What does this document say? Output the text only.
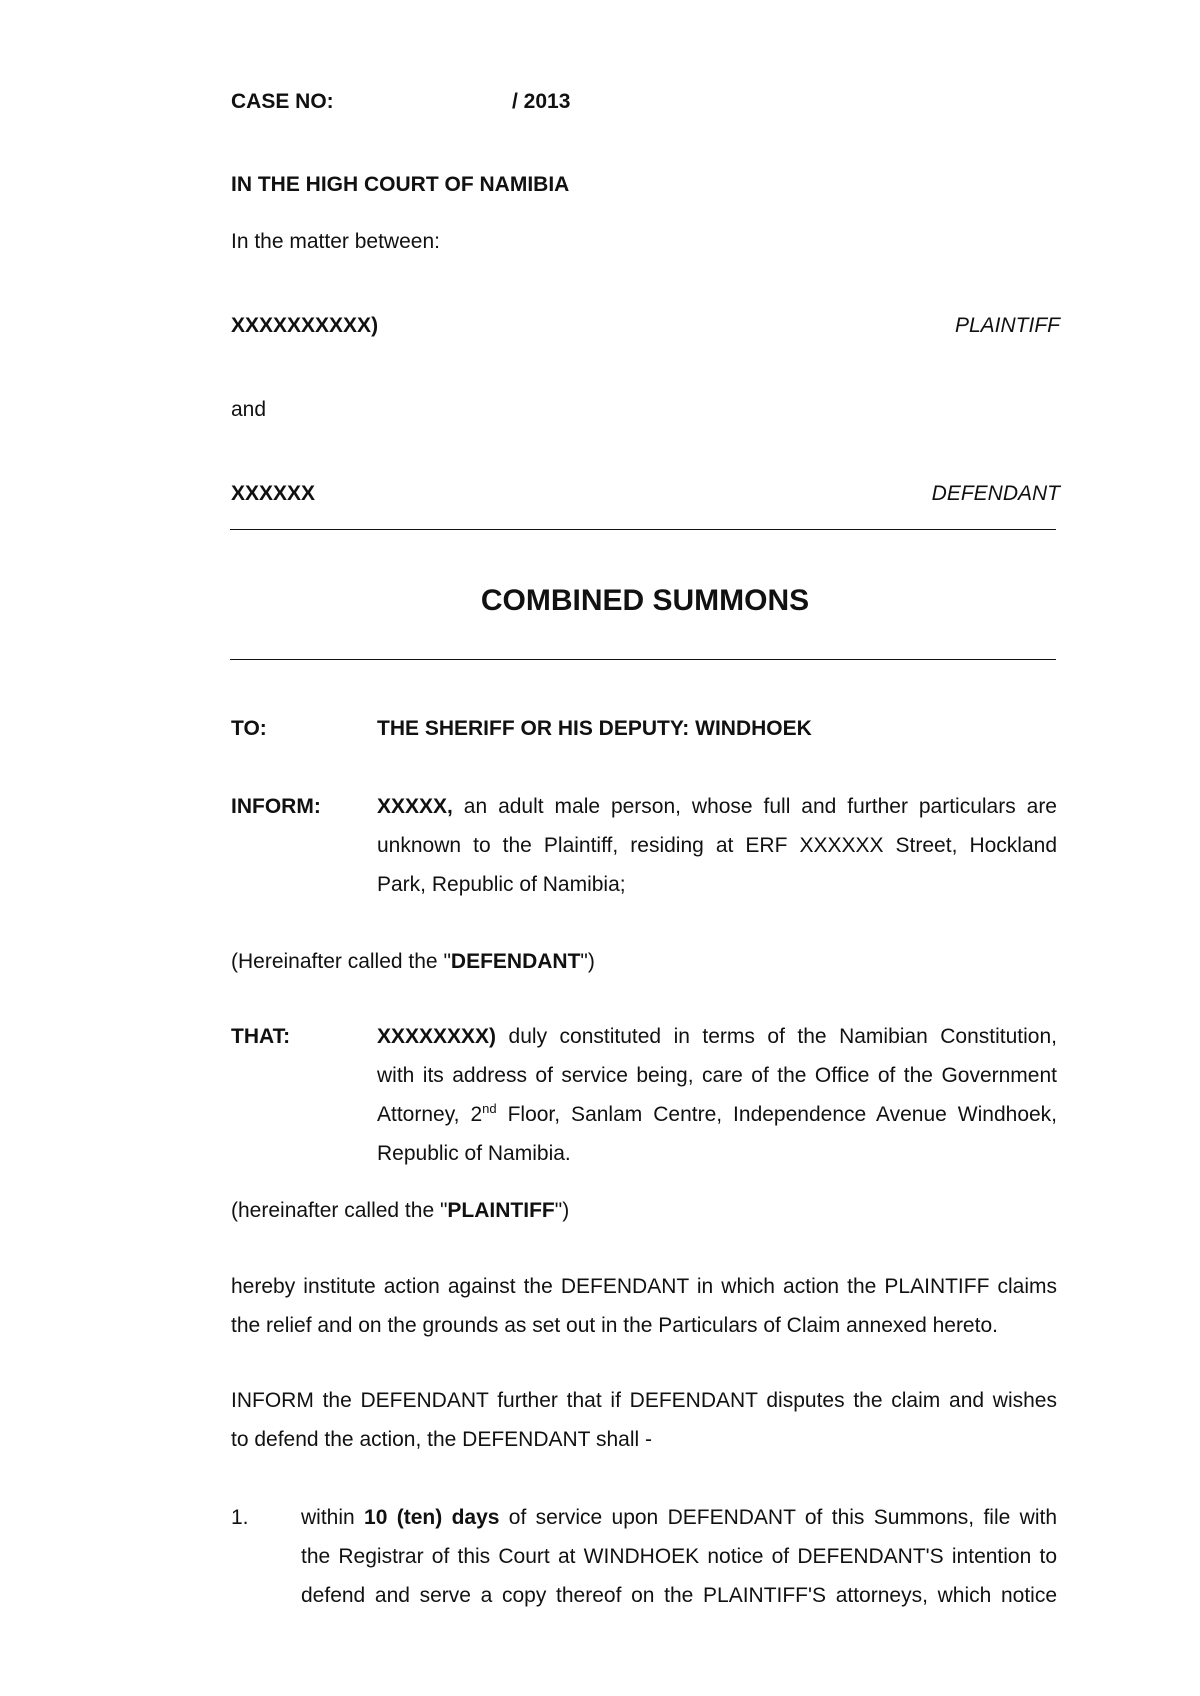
CASE NO:	/ 2013
IN THE HIGH COURT OF NAMIBIA
In the matter between:
XXXXXXXXXX)	PLAINTIFF
and
XXXXXX	DEFENDANT
COMBINED SUMMONS
TO:	THE SHERIFF OR HIS DEPUTY: WINDHOEK
INFORM:	XXXXX, an adult male person, whose full and further particulars are
unknown to the Plaintiff, residing at ERF XXXXXX Street, Hockland
Park, Republic of Namibia;
(Hereinafter called the "DEFENDANT")
THAT:	XXXXXXXX) duly constituted in terms of the Namibian Constitution,
with its address of service being, care of the Office of the Government
Attorney, 2nd Floor, Sanlam Centre, Independence Avenue Windhoek,
Republic of Namibia.
(hereinafter called the "PLAINTIFF")
hereby institute action against the DEFENDANT in which action the PLAINTIFF claims
the relief and on the grounds as set out in the Particulars of Claim annexed hereto.
INFORM the DEFENDANT further that if DEFENDANT disputes the claim and wishes
to defend the action, the DEFENDANT shall -
1. within 10 (ten) days of service upon DEFENDANT of this Summons, file with
the Registrar of this Court at WINDHOEK notice of DEFENDANT'S intention to
defend and serve a copy thereof on the PLAINTIFF'S attorneys, which notice
